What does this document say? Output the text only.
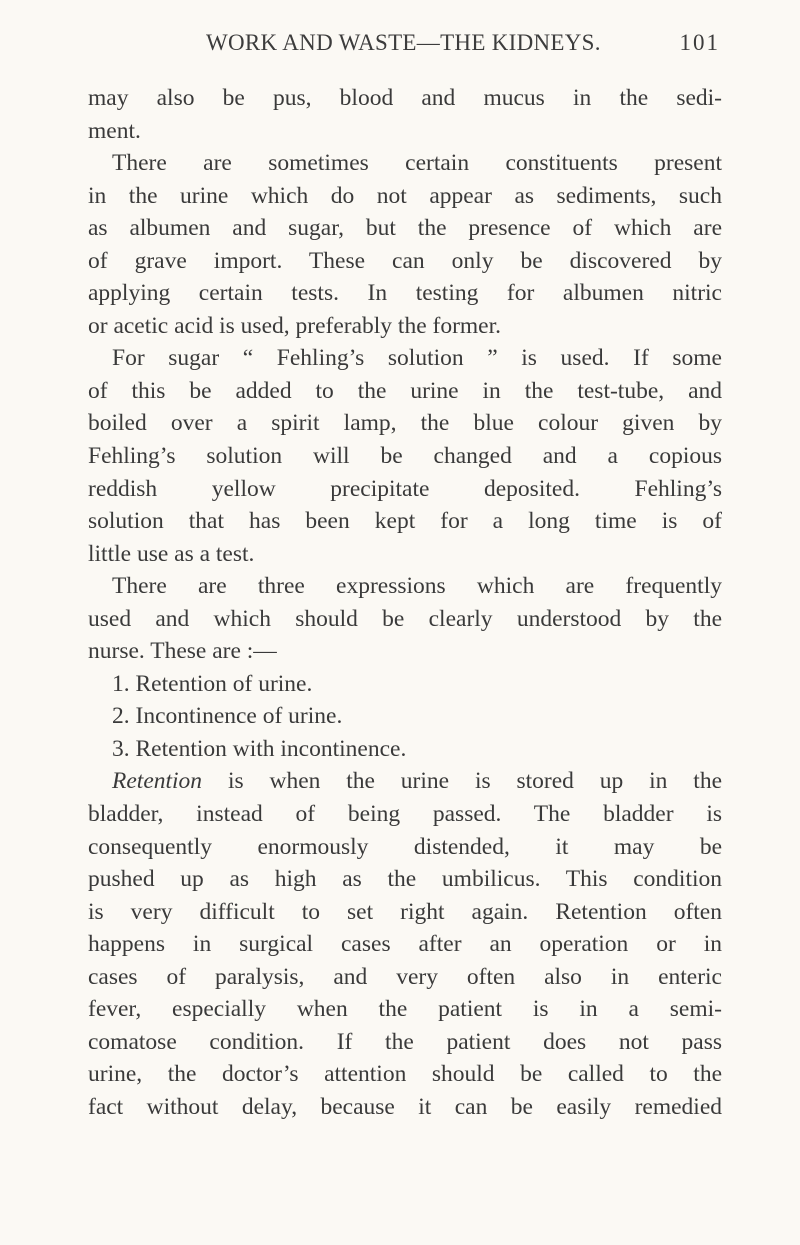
WORK AND WASTE—THE KIDNEYS.	101
may also be pus, blood and mucus in the sedi-
ment.
There are sometimes certain constituents present
in the urine which do not appear as sediments, such
as albumen and sugar, but the presence of which are
of grave import. These can only be discovered by
applying certain tests. In testing for albumen nitric
or acetic acid is used, preferably the former.
For sugar “ Fehling’s solution ” is used. If some
of this be added to the urine in the test-tube, and
boiled over a spirit lamp, the blue colour given by
Fehling’s solution will be changed and a copious
reddish yellow precipitate deposited. Fehling’s
solution that has been kept for a long time is of
little use as a test.
There are three expressions which are frequently
used and which should be clearly understood by the
nurse. These are :—
1. Retention of urine.
2. Incontinence of urine.
3. Retention with incontinence.
Retention is when the urine is stored up in the
bladder, instead of being passed. The bladder is
consequently enormously distended, it may be
pushed up as high as the umbilicus. This condition
is very difficult to set right again. Retention often
happens in surgical cases after an operation or in
cases of paralysis, and very often also in enteric
fever, especially when the patient is in a semi-
comatose condition. If the patient does not pass
urine, the doctor’s attention should be called to the
fact without delay, because it can be easily remedied
